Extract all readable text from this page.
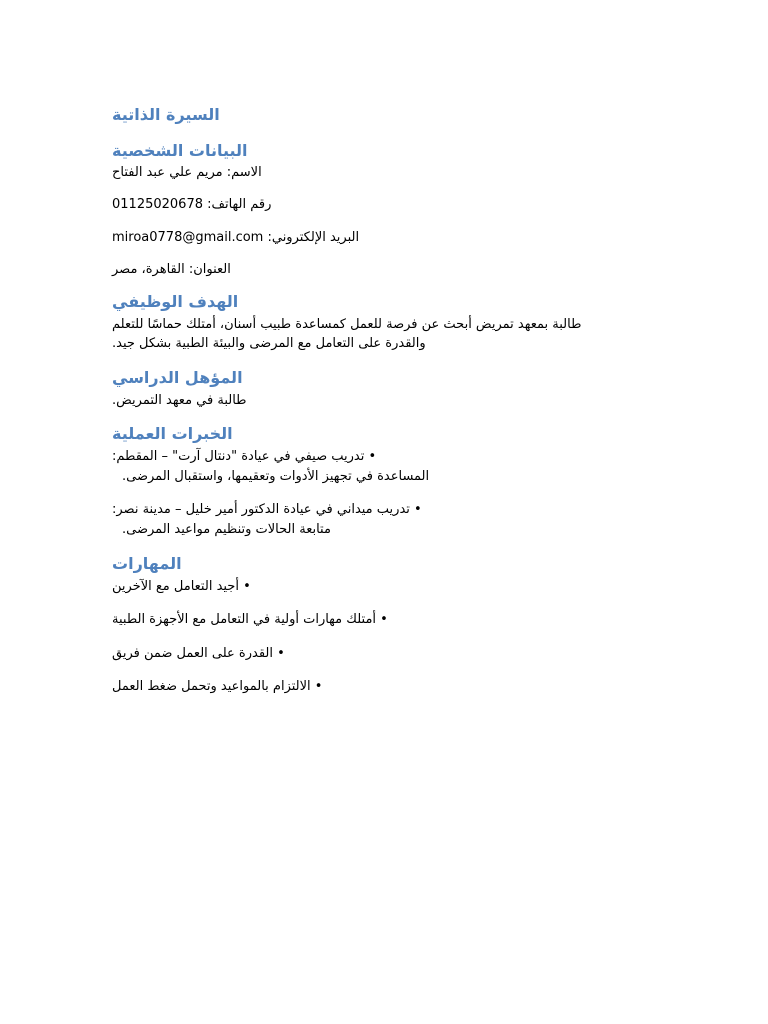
السيرة الذاتية
البيانات الشخصية
الاسم: مريم علي عبد الفتاح
رقم الهاتف: 01125020678
البريد الإلكتروني: miroa0778@gmail.com
العنوان: القاهرة، مصر
الهدف الوظيفي
طالبة بمعهد تمريض أبحث عن فرصة للعمل كمساعدة طبيب أسنان، أمتلك حماسًا للتعلم
والقدرة على التعامل مع المرضى والبيئة الطبية بشكل جيد.
المؤهل الدراسي
طالبة في معهد التمريض.
الخبرات العملية
• تدريب صيفي في عيادة "دنتال آرت" – المقطم:
المساعدة في تجهيز الأدوات وتعقيمها، واستقبال المرضى.
• تدريب ميداني في عيادة الدكتور أمير خليل – مدينة نصر:
متابعة الحالات وتنظيم مواعيد المرضى.
المهارات
• أجيد التعامل مع الآخرين
• أمتلك مهارات أولية في التعامل مع الأجهزة الطبية
• القدرة على العمل ضمن فريق
• الالتزام بالمواعيد وتحمل ضغط العمل
